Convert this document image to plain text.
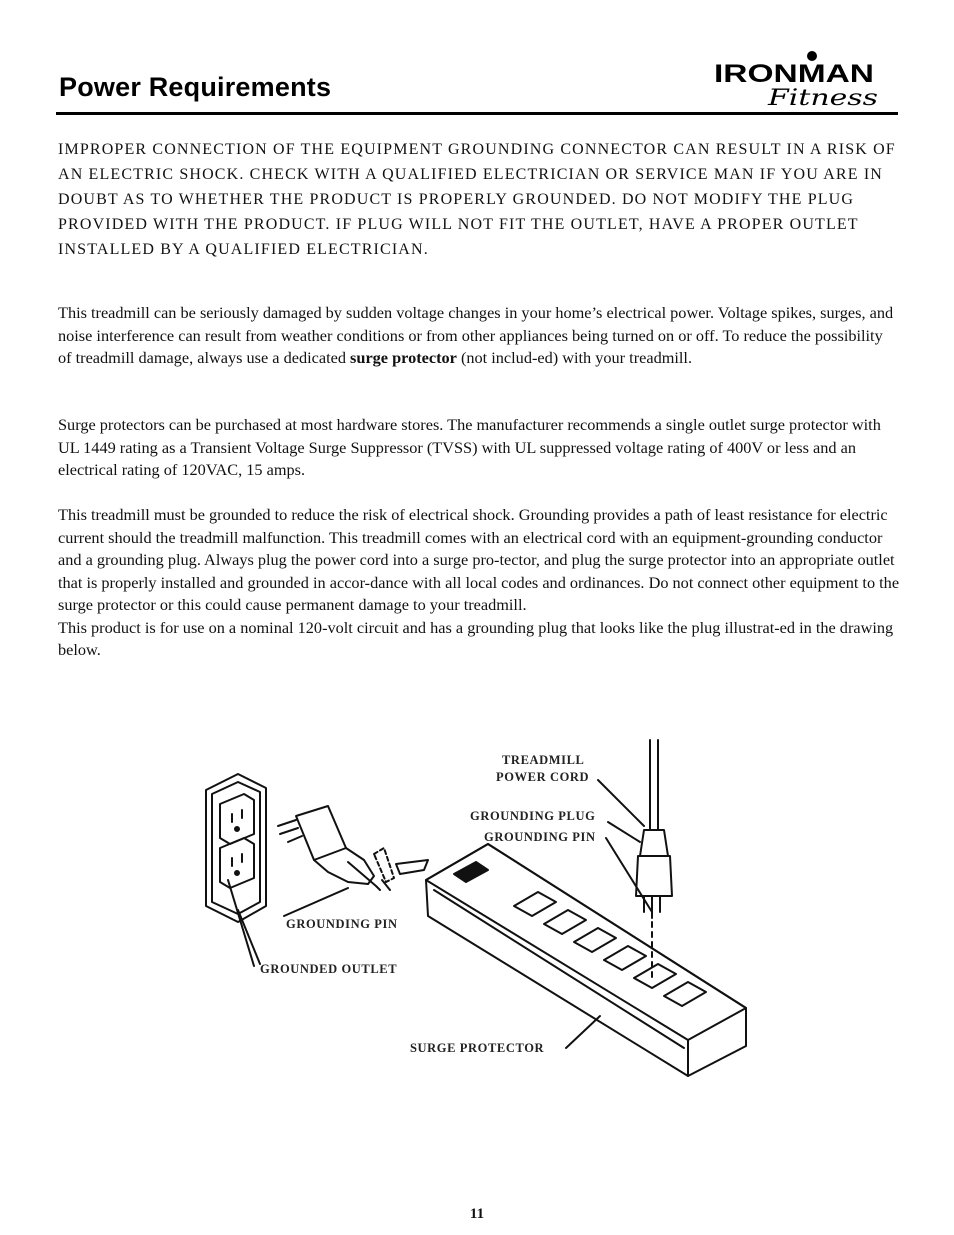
Power Requirements	IRONMAN
Fitness
IMPROPER CONNECTION OF THE EQUIPMENT GROUNDING CONNECTOR CAN RESULT IN A RISK OF AN ELECTRIC SHOCK. CHECK WITH A QUALIFIED ELECTRICIAN OR SERVICE MAN IF YOU ARE IN DOUBT AS TO WHETHER THE PRODUCT IS PROPERLY GROUNDED. DO NOT MODIFY THE PLUG PROVIDED WITH THE PRODUCT. IF PLUG WILL NOT FIT THE OUTLET, HAVE A PROPER OUTLET INSTALLED BY A QUALIFIED ELECTRICIAN.
This treadmill can be seriously damaged by sudden voltage changes in your home’s electrical power. Voltage spikes, surges, and noise interference can result from weather conditions or from other appliances being turned on or off. To reduce the possibility of treadmill damage, always use a dedicated surge protector (not includ-ed) with your treadmill.
Surge protectors can be purchased at most hardware stores. The manufacturer recommends a single outlet surge protector with UL 1449 rating as a Transient Voltage Surge Suppressor (TVSS) with UL suppressed voltage rating of 400V or less and an electrical rating of 120VAC, 15 amps.
This treadmill must be grounded to reduce the risk of electrical shock. Grounding provides a path of least resistance for electric current should the treadmill malfunction. This treadmill comes with an electrical cord with an equipment-grounding conductor and a grounding plug. Always plug the power cord into a surge pro-tector, and plug the surge protector into an appropriate outlet that is properly installed and grounded in accor-dance with all local codes and ordinances. Do not connect other equipment to the surge protector or this could cause permanent damage to your treadmill.
This product is for use on a nominal 120-volt circuit and has a grounding plug that looks like the plug illustrat-ed in the drawing below.
TREADMILL
POWER CORD
GROUNDING PLUG
GROUNDING PIN
GROUNDING PIN
GROUNDED OUTLET
SURGE PROTECTOR
11
